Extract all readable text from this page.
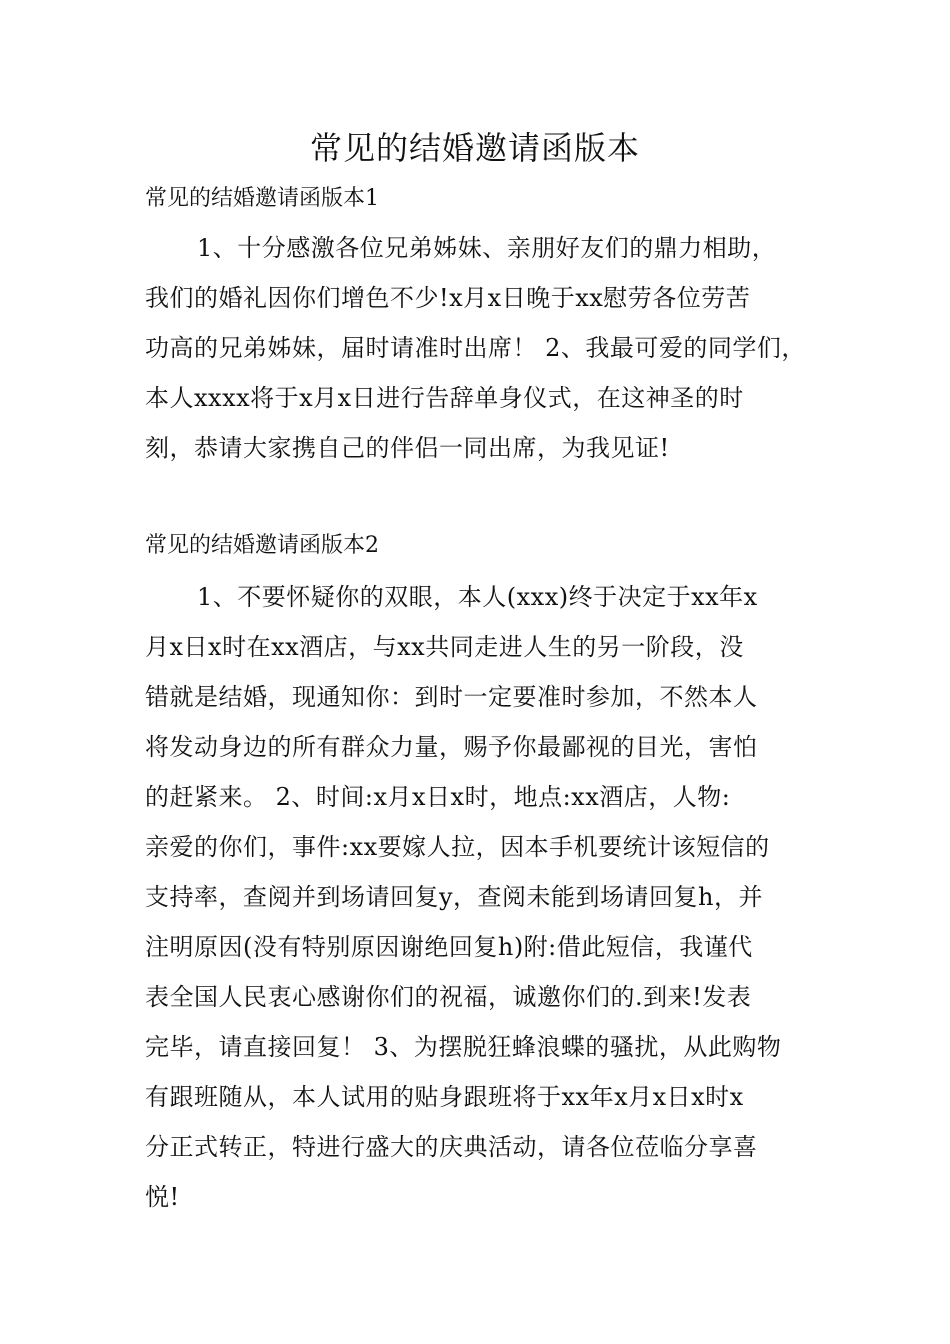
常见的结婚邀请函版本
常见的结婚邀请函版本1
1、十分感激各位兄弟姊妹、亲朋好友们的鼎力相助，
我们的婚礼因你们增色不少!x月x日晚于xx慰劳各位劳苦
功高的兄弟姊妹，届时请准时出席！ 2、我最可爱的同学们，
本人xxxx将于x月x日进行告辞单身仪式，在这神圣的时
刻，恭请大家携自己的伴侣一同出席，为我见证!
常见的结婚邀请函版本2
1、不要怀疑你的双眼，本人(xxx)终于决定于xx年x
月x日x时在xx酒店，与xx共同走进人生的另一阶段，没
错就是结婚，现通知你：到时一定要准时参加，不然本人
将发动身边的所有群众力量，赐予你最鄙视的目光，害怕
的赶紧来。 2、时间:x月x日x时，地点:xx酒店，人物:
亲爱的你们，事件:xx要嫁人拉，因本手机要统计该短信的
支持率，查阅并到场请回复y，查阅未能到场请回复h，并
注明原因(没有特别原因谢绝回复h)附:借此短信，我谨代
表全国人民衷心感谢你们的祝福，诚邀你们的.到来!发表
完毕，请直接回复！ 3、为摆脱狂蜂浪蝶的骚扰，从此购物
有跟班随从，本人试用的贴身跟班将于xx年x月x日x时x
分正式转正，特进行盛大的庆典活动，请各位莅临分享喜
悦!
